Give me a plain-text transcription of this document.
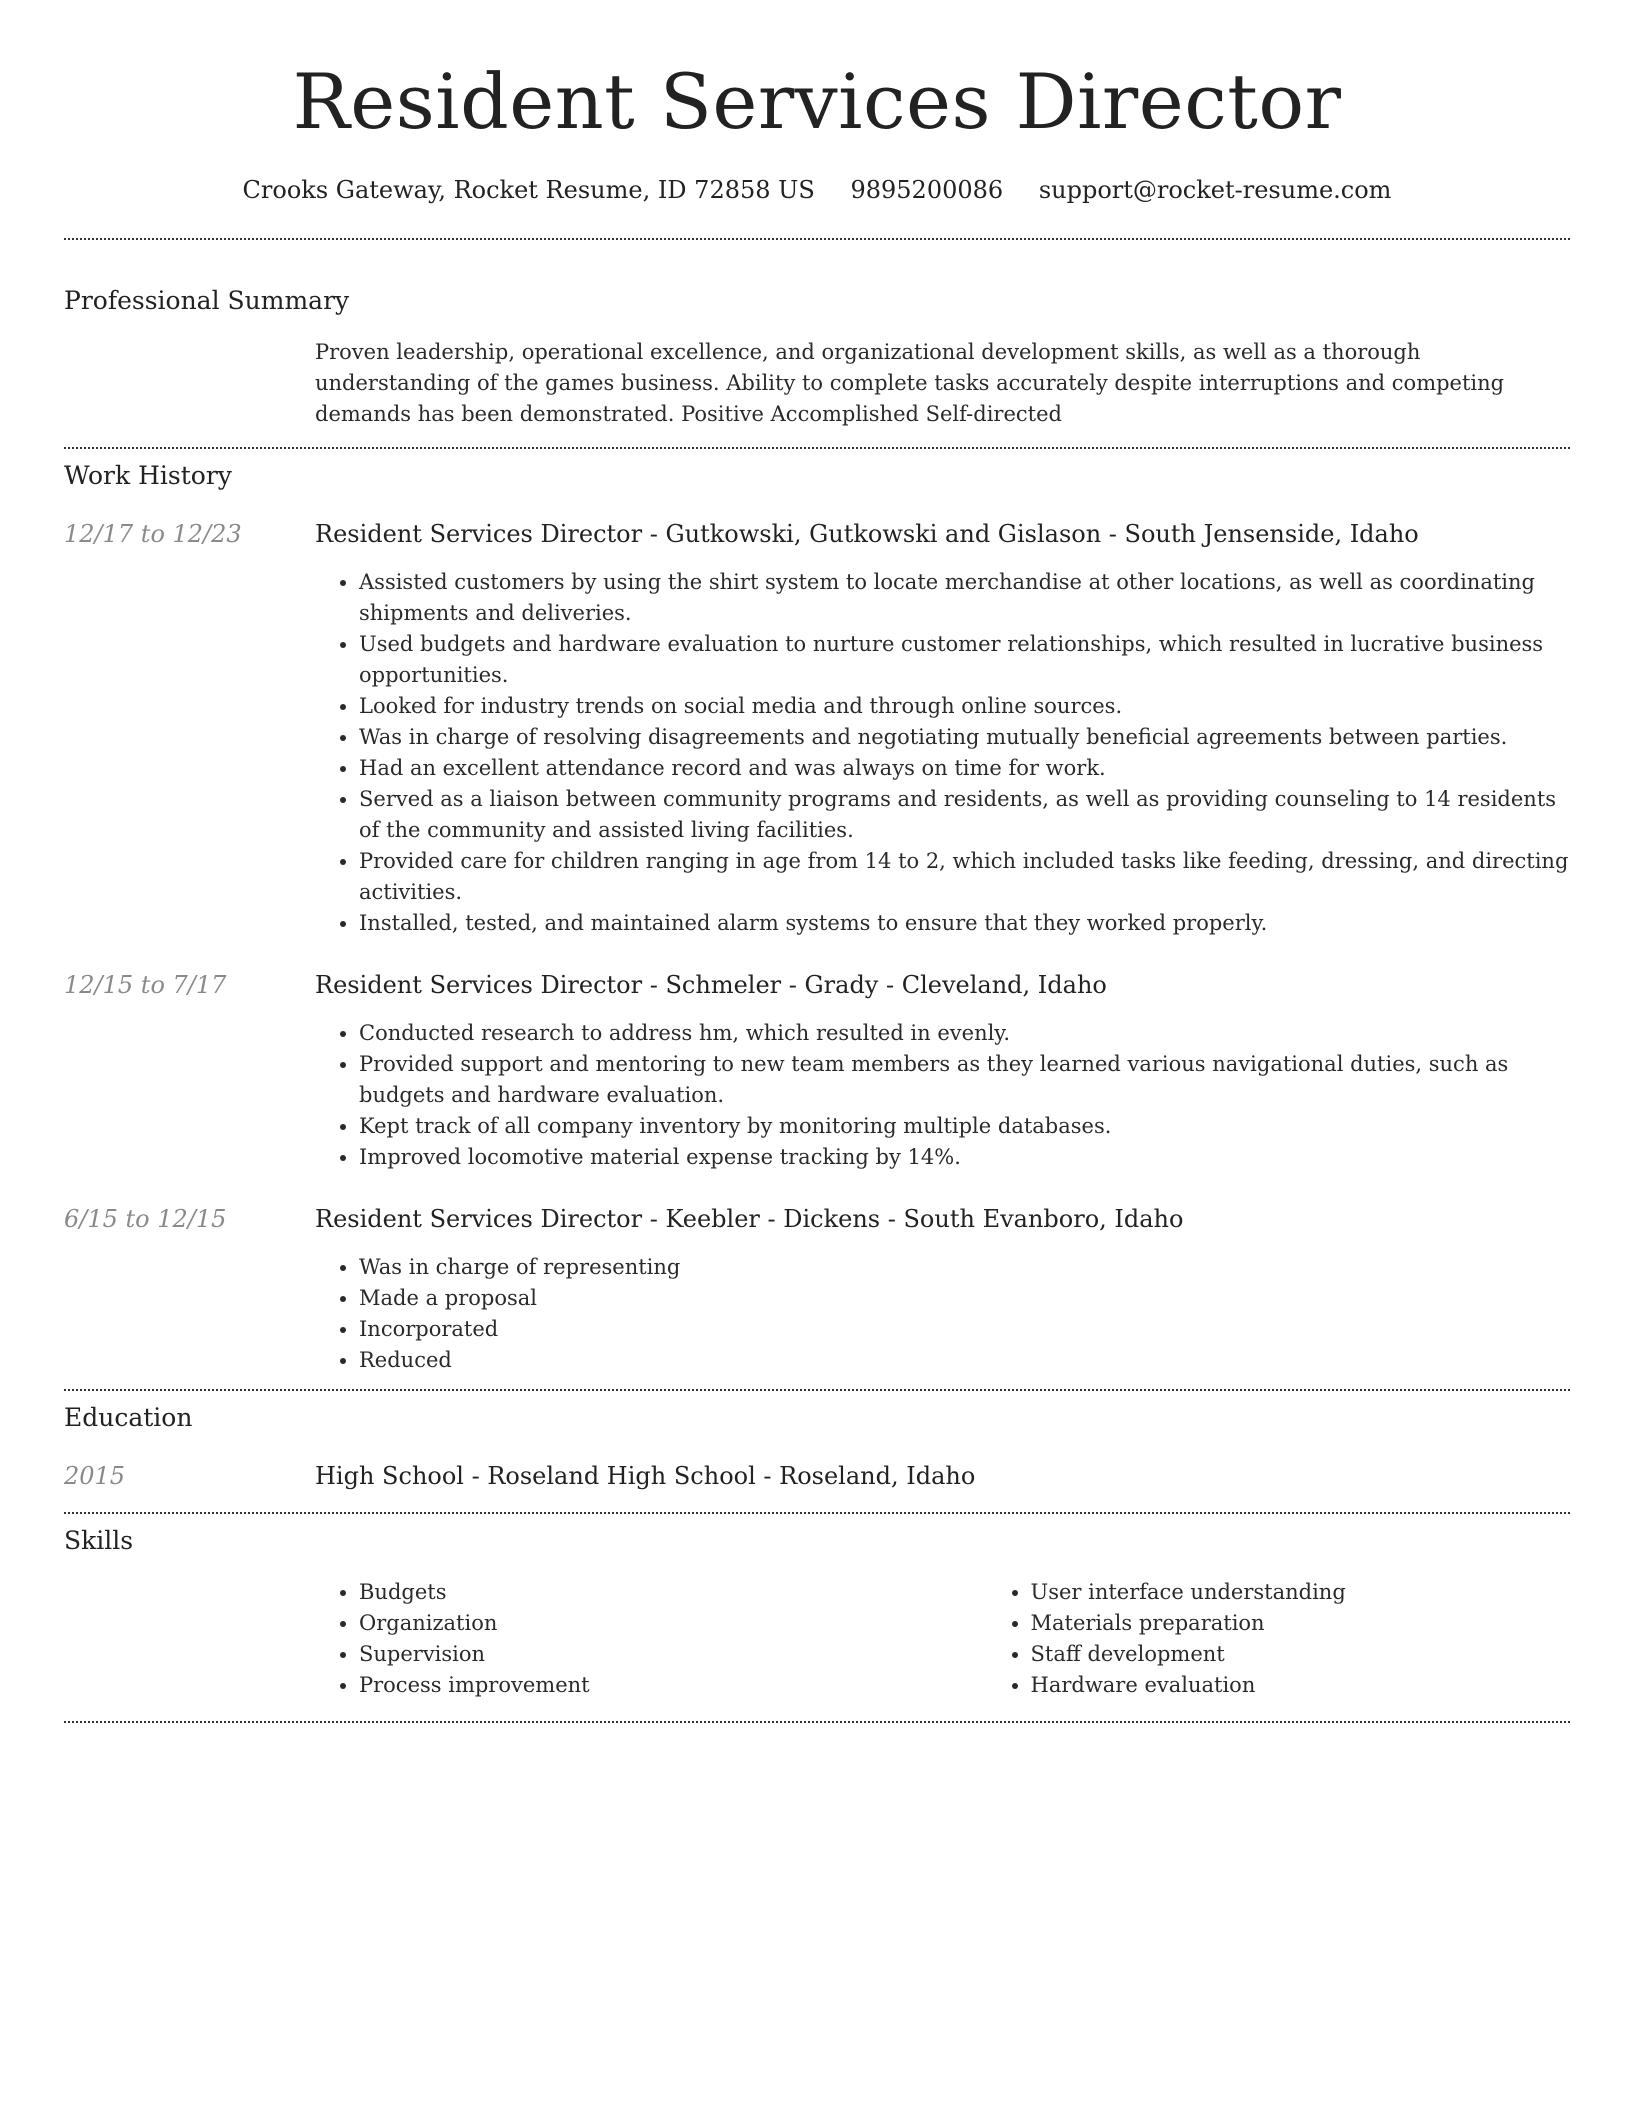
Resident Services Director
Crooks Gateway, Rocket Resume, ID 72858 US 9895200086 support@rocket-resume.com
Professional Summary

Proven leadership, operational excellence, and organizational development skills, as well as a thorough understanding of the games business. Ability to complete tasks accurately despite interruptions and competing demands has been demonstrated. Positive Accomplished Self-directed

Work History
12/17 to 12/23	Resident Services Director - Gutkowski, Gutkowski and Gislason - South Jensenside, Idaho
• Assisted customers by using the shirt system to locate merchandise at other locations, as well as coordinating shipments and deliveries.
• Used budgets and hardware evaluation to nurture customer relationships, which resulted in lucrative business opportunities.
• Looked for industry trends on social media and through online sources.
• Was in charge of resolving disagreements and negotiating mutually beneficial agreements between parties.
• Had an excellent attendance record and was always on time for work.
• Served as a liaison between community programs and residents, as well as providing counseling to 14 residents of the community and assisted living facilities.
• Provided care for children ranging in age from 14 to 2, which included tasks like feeding, dressing, and directing activities.
• Installed, tested, and maintained alarm systems to ensure that they worked properly.
12/15 to 7/17	Resident Services Director - Schmeler - Grady - Cleveland, Idaho
• Conducted research to address hm, which resulted in evenly.
• Provided support and mentoring to new team members as they learned various navigational duties, such as budgets and hardware evaluation.
• Kept track of all company inventory by monitoring multiple databases.
• Improved locomotive material expense tracking by 14%.
6/15 to 12/15	Resident Services Director - Keebler - Dickens - South Evanboro, Idaho
• Was in charge of representing
• Made a proposal
• Incorporated
• Reduced
Education
2015	High School - Roseland High School - Roseland, Idaho
Skills
• Budgets
• Organization
• Supervision
• Process improvement
• User interface understanding
• Materials preparation
• Staff development
• Hardware evaluation
